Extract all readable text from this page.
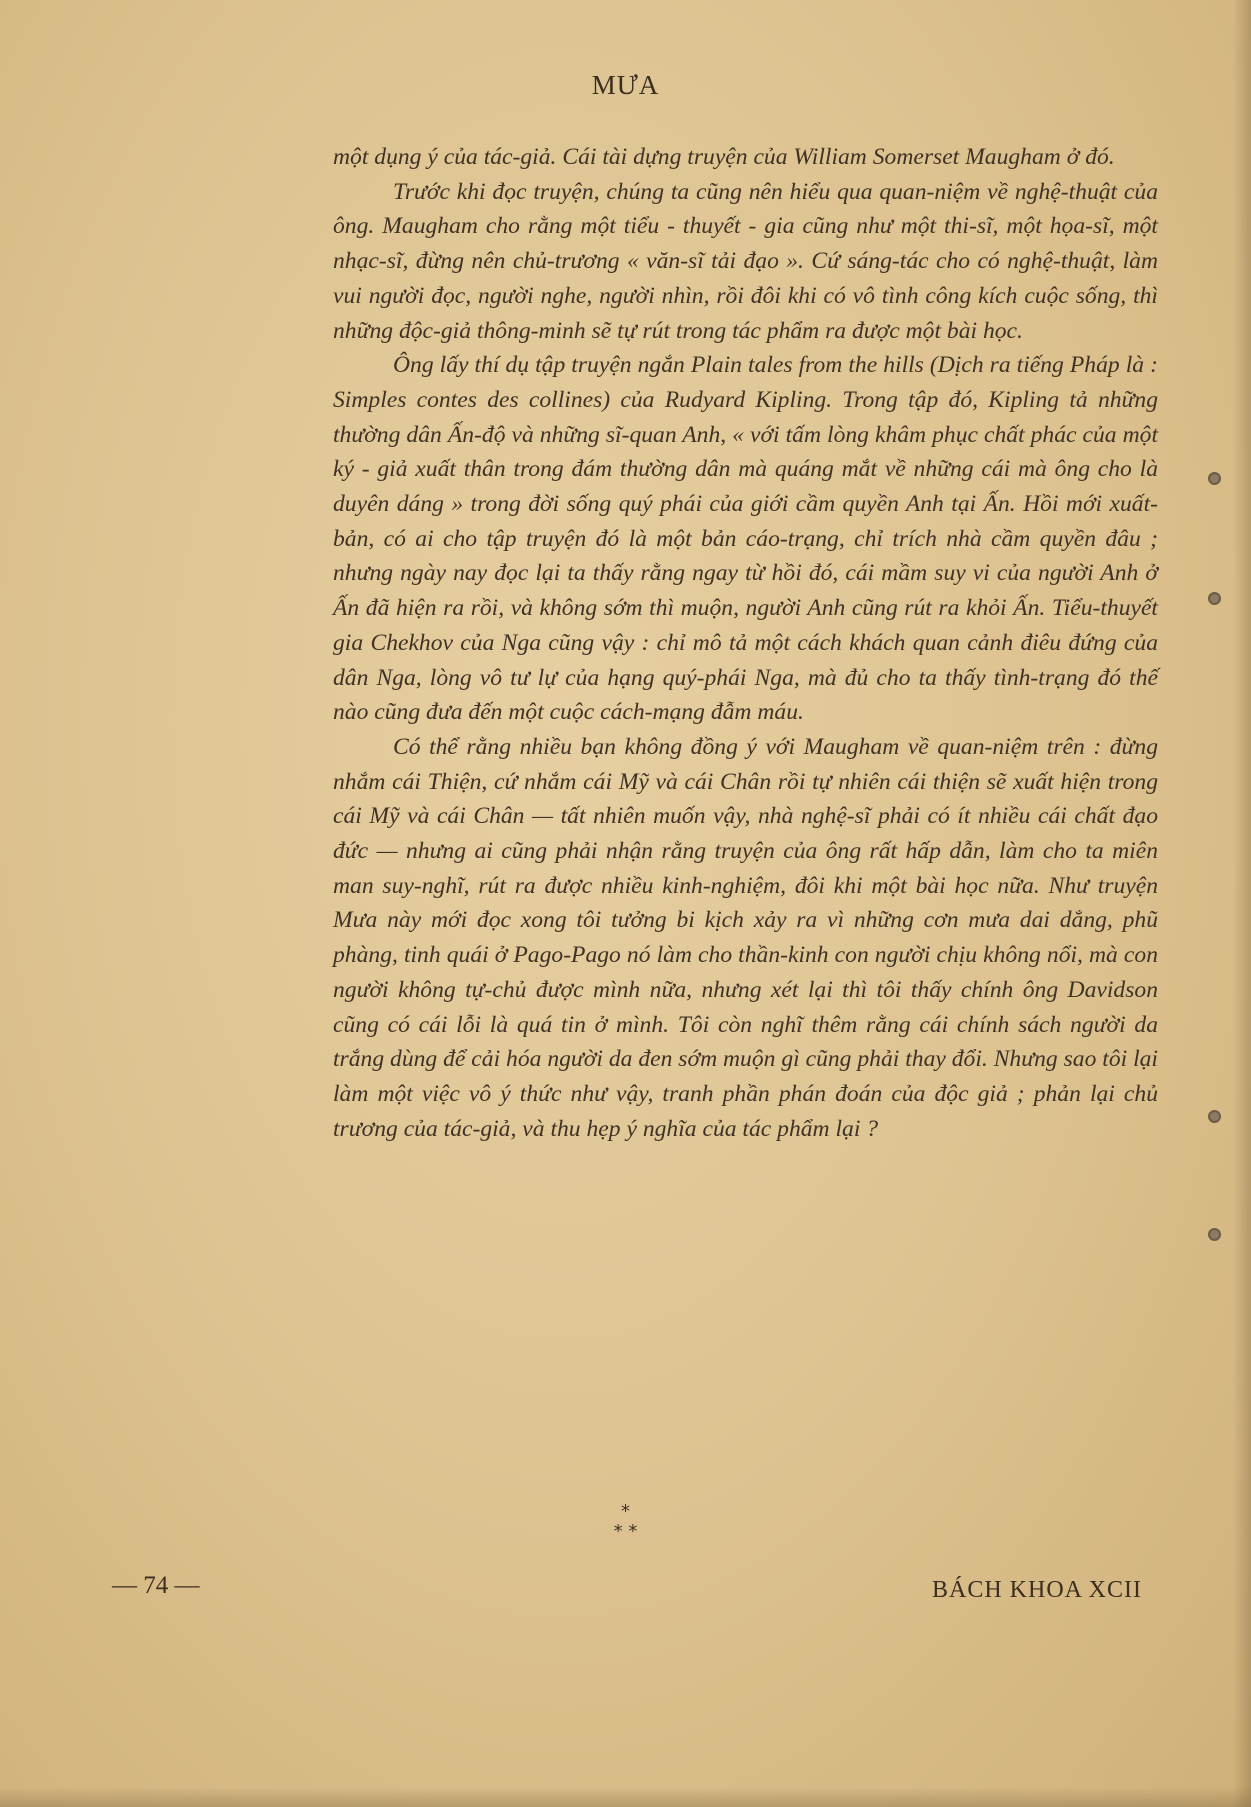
MƯA

một dụng ý của tác-giả. Cái tài dựng truyện của William Somerset Maugham ở đó.

Trước khi đọc truyện, chúng ta cũng nên hiểu qua quan-niệm về nghệ-thuật của ông. Maugham cho rằng một tiểu - thuyết - gia cũng như một thi-sĩ, một họa-sĩ, một nhạc-sĩ, đừng nên chủ-trương « văn-sĩ tải đạo ». Cứ sáng-tác cho có nghệ-thuật, làm vui người đọc, người nghe, người nhìn, rồi đôi khi có vô tình công kích cuộc sống, thì những độc-giả thông-minh sẽ tự rút trong tác phẩm ra được một bài học.

Ông lấy thí dụ tập truyện ngắn Plain tales from the hills (Dịch ra tiếng Pháp là : Simples contes des collines) của Rudyard Kipling. Trong tập đó, Kipling tả những thường dân Ấn-độ và những sĩ-quan Anh, « với tấm lòng khâm phục chất phác của một ký - giả xuất thân trong đám thường dân mà quáng mắt về những cái mà ông cho là duyên dáng » trong đời sống quý phái của giới cầm quyền Anh tại Ấn. Hồi mới xuất-bản, có ai cho tập truyện đó là một bản cáo-trạng, chỉ trích nhà cầm quyền đâu ; nhưng ngày nay đọc lại ta thấy rằng ngay từ hồi đó, cái mầm suy vi của người Anh ở Ấn đã hiện ra rồi, và không sớm thì muộn, người Anh cũng rút ra khỏi Ấn. Tiểu-thuyết gia Chekhov của Nga cũng vậy : chỉ mô tả một cách khách quan cảnh điêu đứng của dân Nga, lòng vô tư lự của hạng quý-phái Nga, mà đủ cho ta thấy tình-trạng đó thế nào cũng đưa đến một cuộc cách-mạng đẫm máu.

Có thể rằng nhiều bạn không đồng ý với Maugham về quan-niệm trên : đừng nhắm cái Thiện, cứ nhắm cái Mỹ và cái Chân rồi tự nhiên cái thiện sẽ xuất hiện trong cái Mỹ và cái Chân — tất nhiên muốn vậy, nhà nghệ-sĩ phải có ít nhiều cái chất đạo đức — nhưng ai cũng phải nhận rằng truyện của ông rất hấp dẫn, làm cho ta miên man suy-nghĩ, rút ra được nhiều kinh-nghiệm, đôi khi một bài học nữa. Như truyện Mưa này mới đọc xong tôi tưởng bi kịch xảy ra vì những cơn mưa dai dẳng, phũ phàng, tinh quái ở Pago-Pago nó làm cho thần-kinh con người chịu không nổi, mà con người không tự-chủ được mình nữa, nhưng xét lại thì tôi thấy chính ông Davidson cũng có cái lỗi là quá tin ở mình. Tôi còn nghĩ thêm rằng cái chính sách người da trắng dùng để cải hóa người da đen sớm muộn gì cũng phải thay đổi. Nhưng sao tôi lại làm một việc vô ý thức như vậy, tranh phần phán đoán của độc giả ; phản lại chủ trương của tác-giả, và thu hẹp ý nghĩa của tác phẩm lại ?

*
* *
— 74 —	BÁCH KHOA XCII
